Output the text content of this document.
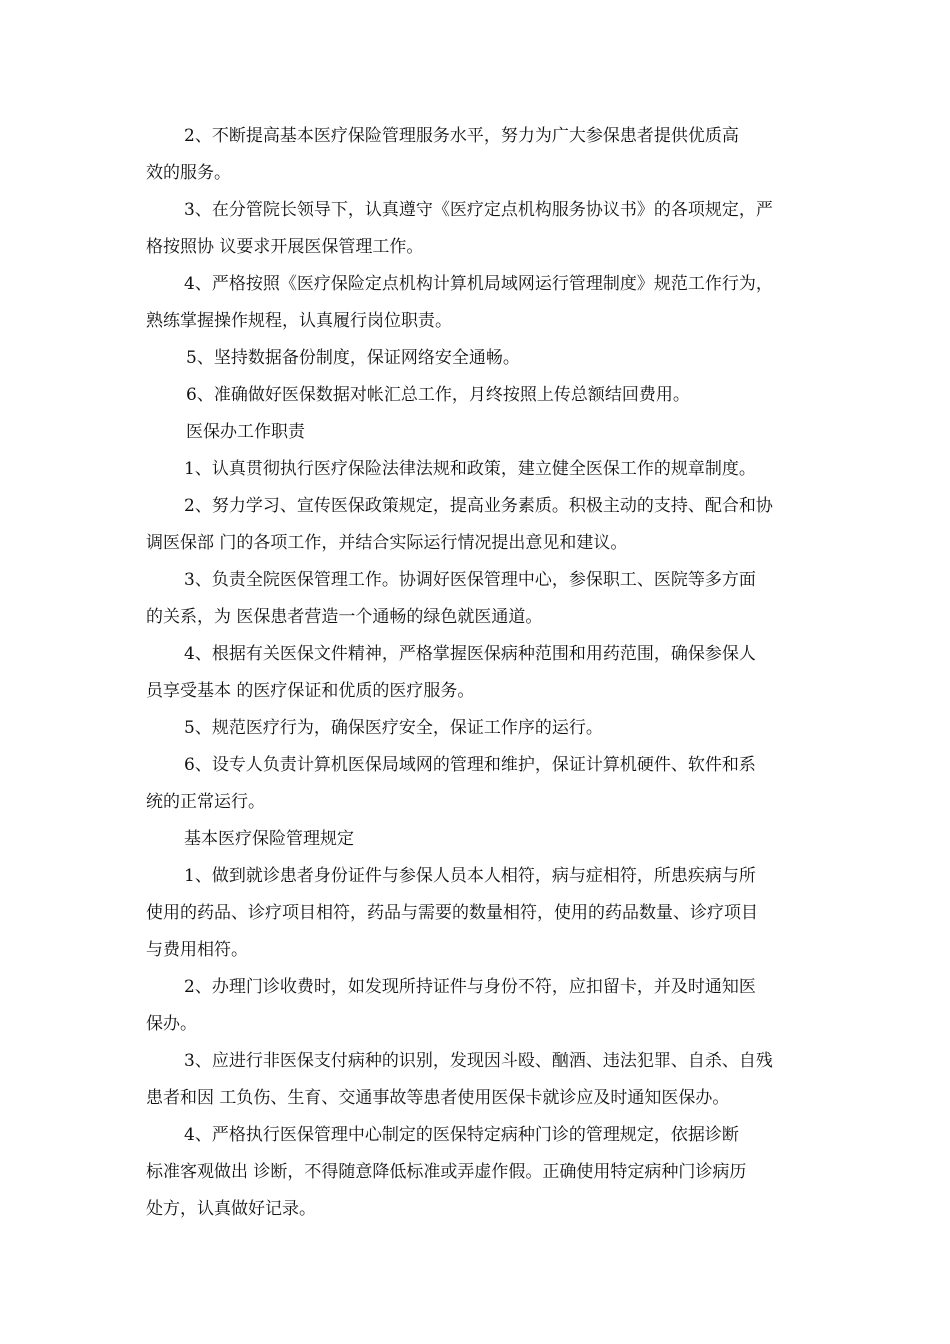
2、不断提高基本医疗保险管理服务水平，努力为广大参保患者提供优质高
效的服务。
3、在分管院长领导下，认真遵守《医疗定点机构服务协议书》的各项规定，严
格按照协 议要求开展医保管理工作。
4、严格按照《医疗保险定点机构计算机局域网运行管理制度》规范工作行为，
熟练掌握操作规程，认真履行岗位职责。
5、坚持数据备份制度，保证网络安全通畅。
6、准确做好医保数据对帐汇总工作，月终按照上传总额结回费用。
医保办工作职责
1、认真贯彻执行医疗保险法律法规和政策，建立健全医保工作的规章制度。
2、努力学习、宣传医保政策规定，提高业务素质。积极主动的支持、配合和协
调医保部 门的各项工作，并结合实际运行情况提出意见和建议。
3、负责全院医保管理工作。协调好医保管理中心，参保职工、医院等多方面
的关系，为 医保患者营造一个通畅的绿色就医通道。
4、根据有关医保文件精神，严格掌握医保病种范围和用药范围，确保参保人
员享受基本 的医疗保证和优质的医疗服务。
5、规范医疗行为，确保医疗安全，保证工作序的运行。
6、设专人负责计算机医保局域网的管理和维护，保证计算机硬件、软件和系
统的正常运行。
基本医疗保险管理规定
1、做到就诊患者身份证件与参保人员本人相符，病与症相符，所患疾病与所
使用的药品、诊疗项目相符，药品与需要的数量相符，使用的药品数量、诊疗项目
与费用相符。
2、办理门诊收费时，如发现所持证件与身份不符，应扣留卡，并及时通知医
保办。
3、应进行非医保支付病种的识别，发现因斗殴、酗酒、违法犯罪、自杀、自残
患者和因 工负伤、生育、交通事故等患者使用医保卡就诊应及时通知医保办。
4、严格执行医保管理中心制定的医保特定病种门诊的管理规定，依据诊断
标准客观做出 诊断，不得随意降低标准或弄虚作假。正确使用特定病种门诊病历
处方，认真做好记录。
